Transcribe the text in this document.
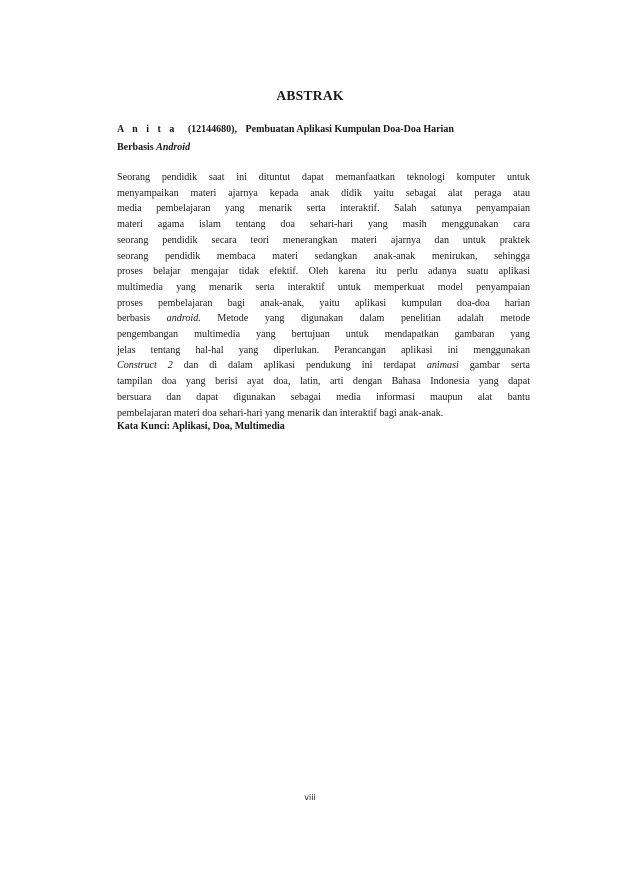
ABSTRAK
A n i t a (12144680), Pembuatan Aplikasi Kumpulan Doa-Doa Harian
Berbasis Android
Seorang pendidik saat ini dituntut dapat memanfaatkan teknologi komputer untuk
menyampaikan materi ajarnya kepada anak didik yaitu sebagai alat peraga atau
media pembelajaran yang menarik serta interaktif. Salah satunya penyampaian
materi agama islam tentang doa sehari-hari yang masih menggunakan cara
seorang pendidik secara teori menerangkan materi ajarnya dan untuk praktek
seorang pendidik membaca materi sedangkan anak-anak menirukan, sehingga
proses belajar mengajar tidak efektif. Oleh karena itu perlu adanya suatu aplikasi
multimedia yang menarik serta interaktif untuk memperkuat model penyampaian
proses pembelajaran bagi anak-anak, yaitu aplikasi kumpulan doa-doa harian
berbasis android. Metode yang digunakan dalam penelitian adalah metode
pengembangan multimedia yang bertujuan untuk mendapatkan gambaran yang
jelas tentang hal-hal yang diperlukan. Perancangan aplikasi ini menggunakan
Construct 2 dan di dalam aplikasi pendukung ini terdapat animasi gambar serta
tampilan doa yang berisi ayat doa, latin, arti dengan Bahasa Indonesia yang dapat
bersuara dan dapat digunakan sebagai media informasi maupun alat bantu
pembelajaran materi doa sehari-hari yang menarik dan interaktif bagi anak-anak.
Kata Kunci: Aplikasi, Doa, Multimedia
viii
